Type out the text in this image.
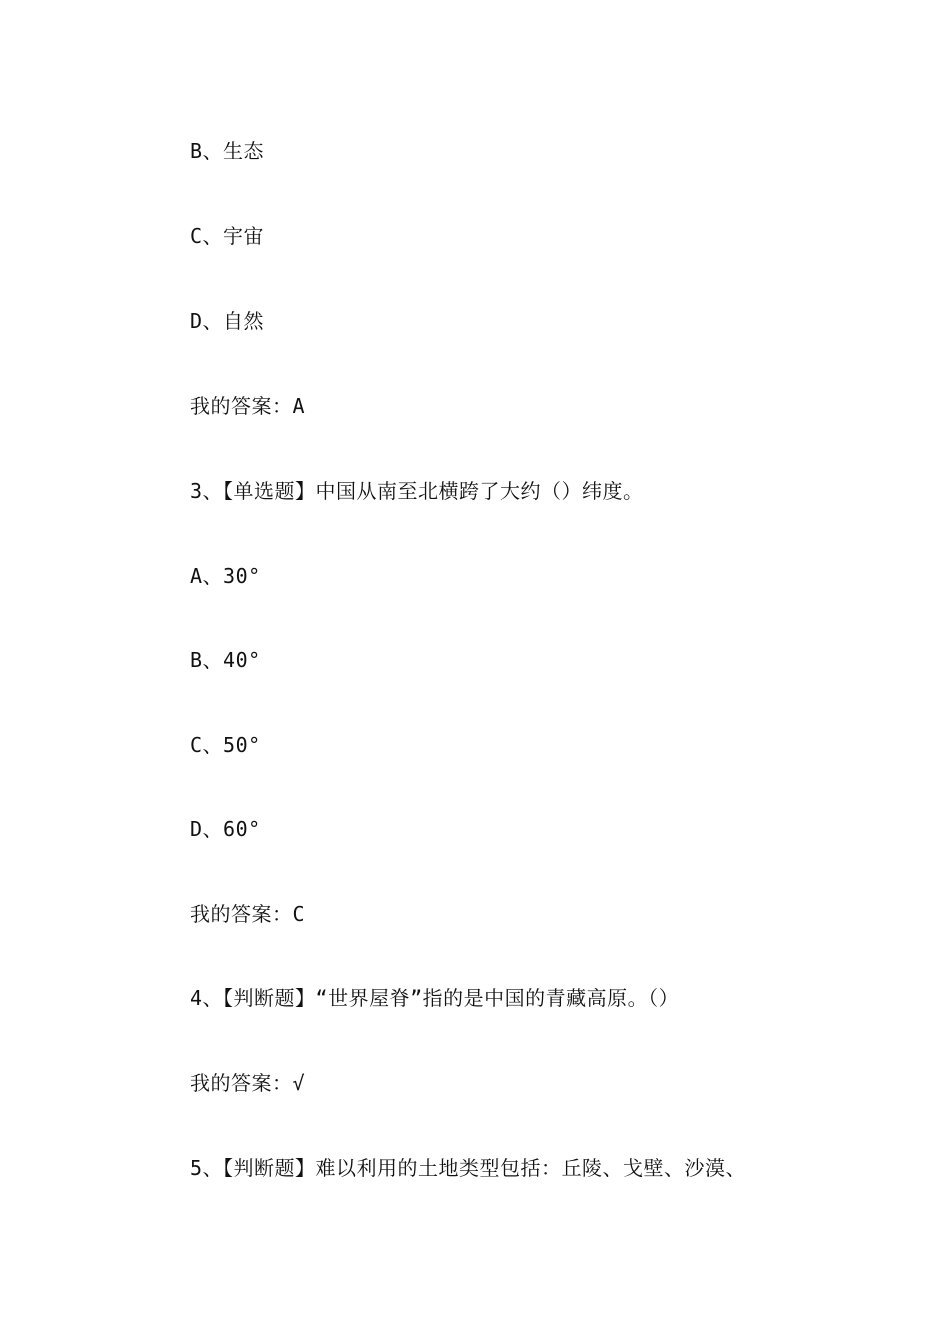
B、生态
C、宇宙
D、自然
我的答案：A
3、【单选题】中国从南至北横跨了大约（）纬度。
A、30°
B、40°
C、50°
D、60°
我的答案：C
4、【判断题】“世界屋脊”指的是中国的青藏高原。（）
我的答案：√
5、【判断题】难以利用的土地类型包括：丘陵、戈壁、沙漠、
